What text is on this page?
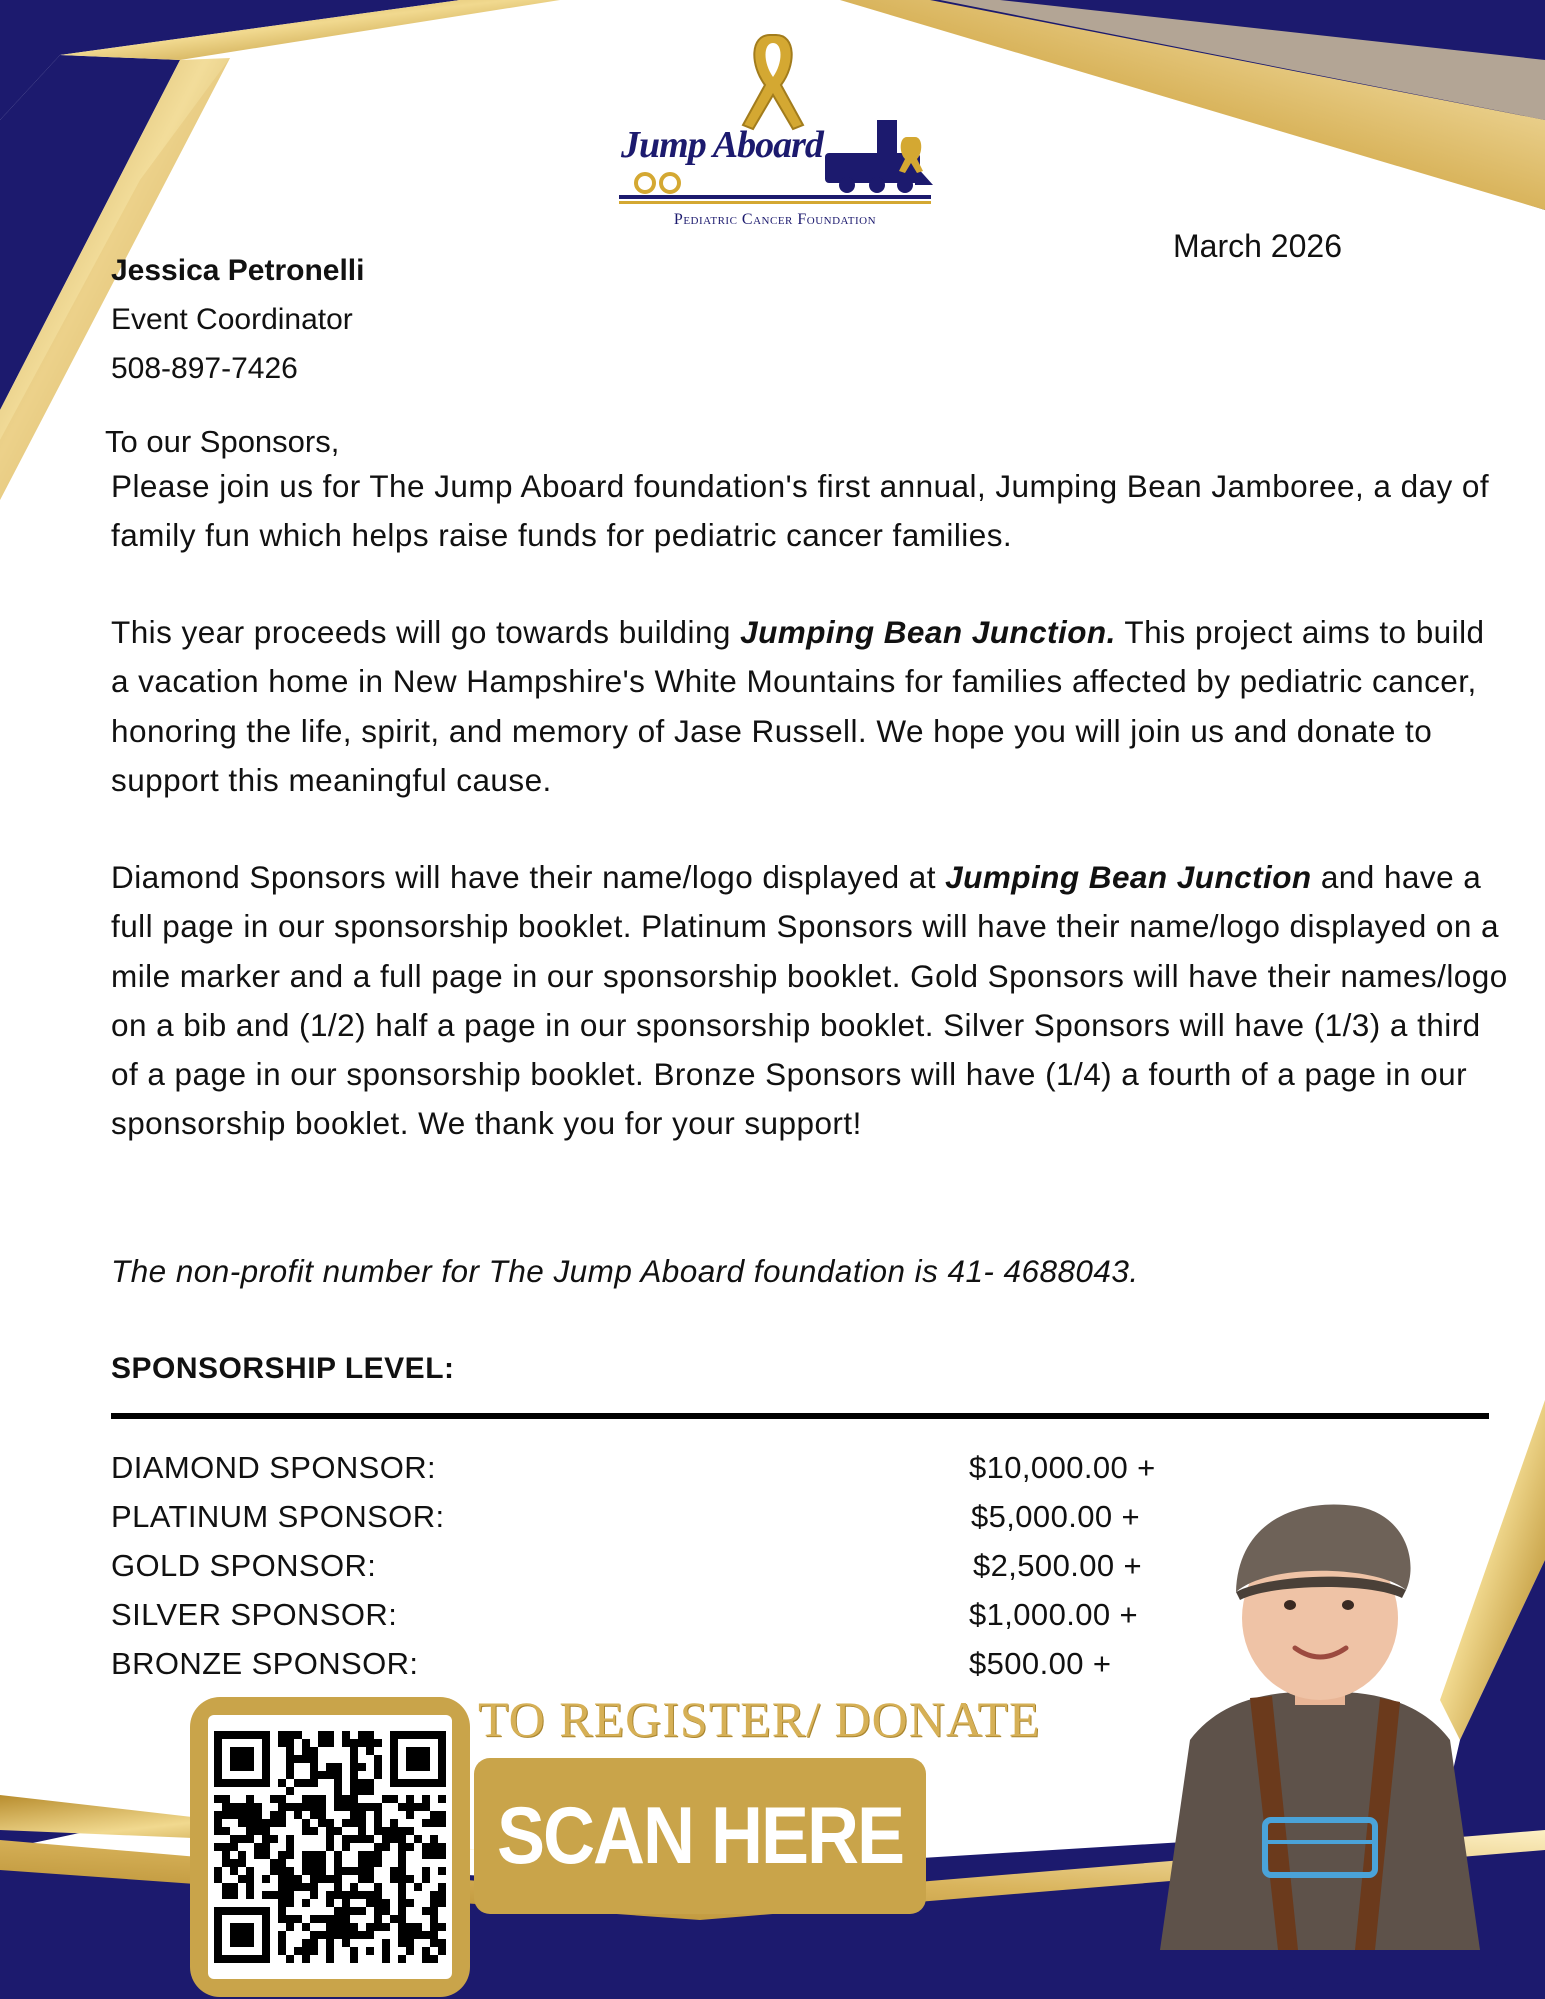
Jump Aboard
Pediatric Cancer Foundation
March 2026
Jessica Petronelli
Event Coordinator
508-897-7426
To our Sponsors,
Please join us for The Jump Aboard foundation's first annual, Jumping Bean Jamboree, a day of family fun which helps raise funds for pediatric cancer families.
This year proceeds will go towards building Jumping Bean Junction. This project aims to build a vacation home in New Hampshire's White Mountains for families affected by pediatric cancer, honoring the life, spirit, and memory of Jase Russell. We hope you will join us and donate to support this meaningful cause.
Diamond Sponsors will have their name/logo displayed at Jumping Bean Junction and have a full page in our sponsorship booklet. Platinum Sponsors will have their name/logo displayed on a mile marker and a full page in our sponsorship booklet. Gold Sponsors will have their names/logo on a bib and (1/2) half a page in our sponsorship booklet. Silver Sponsors will have (1/3) a third of a page in our sponsorship booklet. Bronze Sponsors will have (1/4) a fourth of a page in our sponsorship booklet. We thank you for your support!
The non-profit number for The Jump Aboard foundation is 41- 4688043.
SPONSORSHIP LEVEL:
DIAMOND SPONSOR:	$10,000.00 +
PLATINUM SPONSOR:	$5,000.00 +
GOLD SPONSOR:	$2,500.00 +
SILVER SPONSOR:	$1,000.00 +
BRONZE SPONSOR:	$500.00 +
TO REGISTER/ DONATE
SCAN HERE
